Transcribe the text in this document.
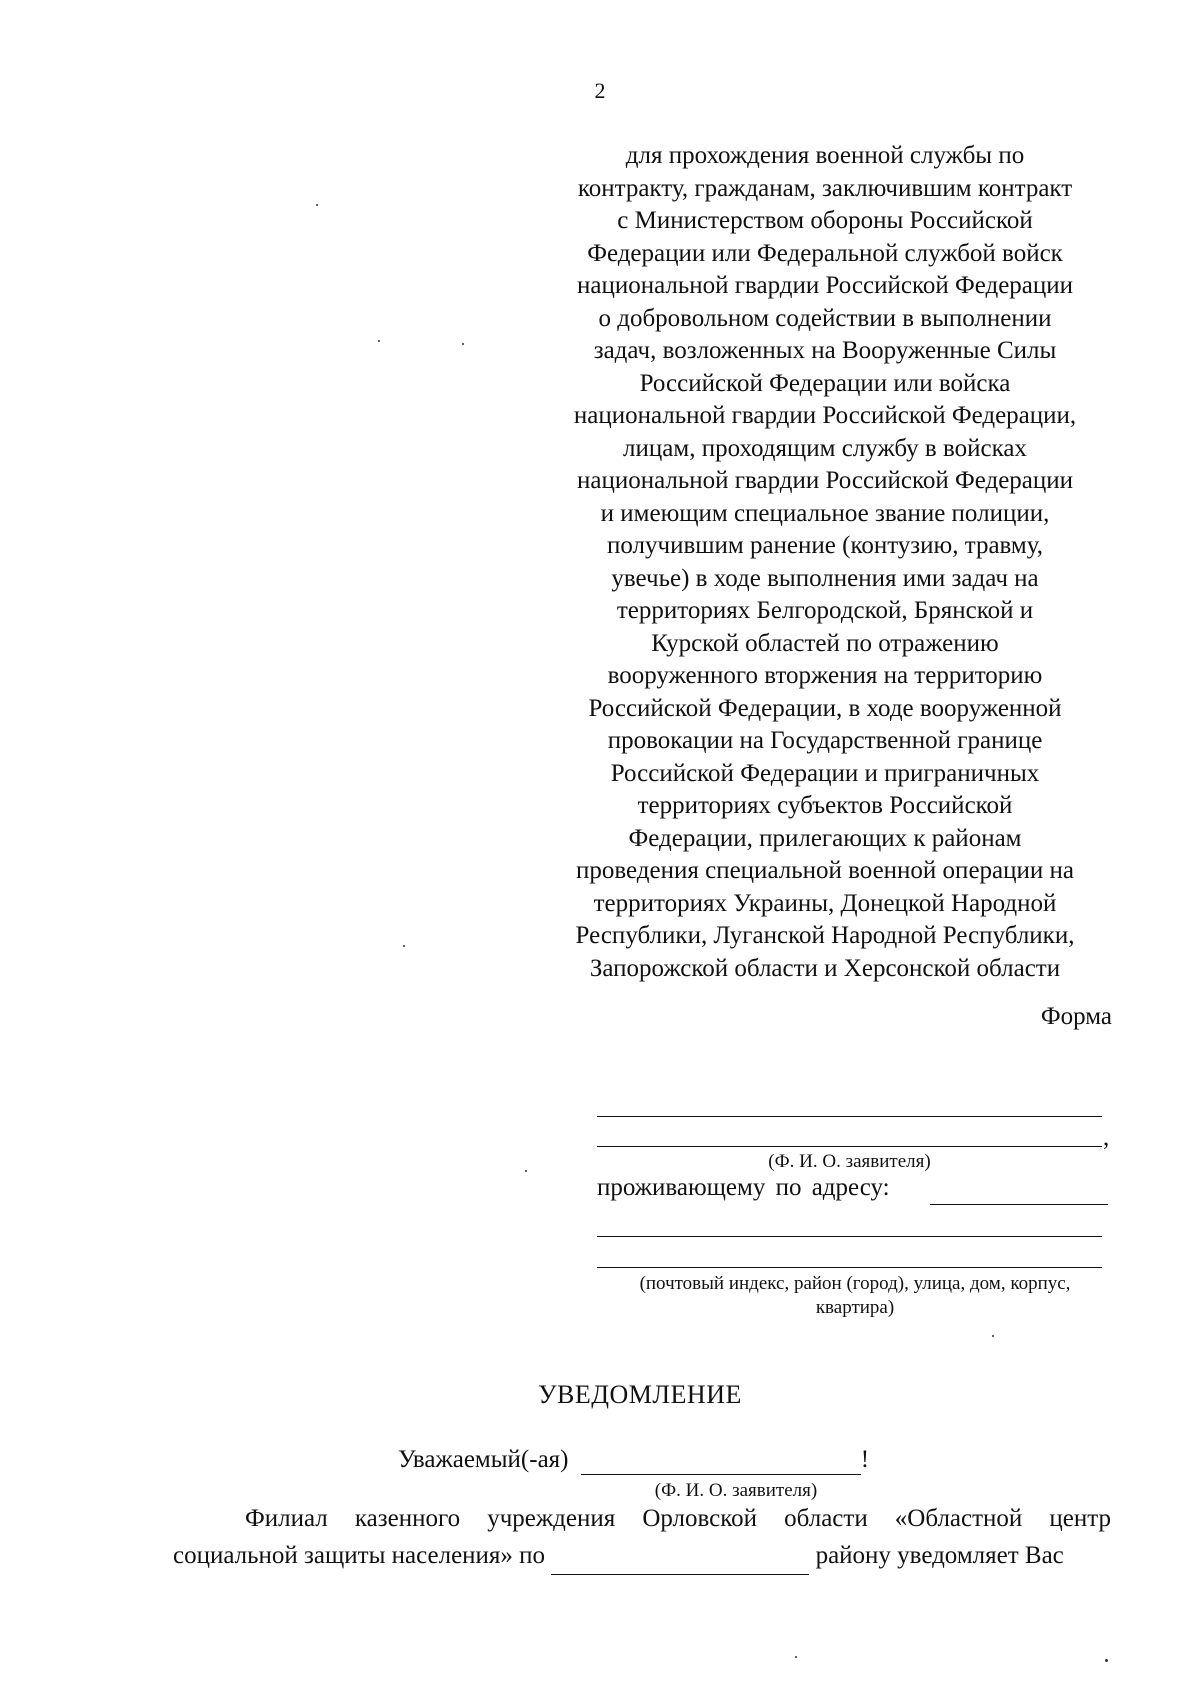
2
для прохождения военной службы по
контракту, гражданам, заключившим контракт
с Министерством обороны Российской
Федерации или Федеральной службой войск
национальной гвардии Российской Федерации
о добровольном содействии в выполнении
задач, возложенных на Вооруженные Силы
Российской Федерации или войска
национальной гвардии Российской Федерации,
лицам, проходящим службу в войсках
национальной гвардии Российской Федерации
и имеющим специальное звание полиции,
получившим ранение (контузию, травму,
увечье) в ходе выполнения ими задач на
территориях Белгородской, Брянской и
Курской областей по отражению
вооруженного вторжения на территорию
Российской Федерации, в ходе вооруженной
провокации на Государственной границе
Российской Федерации и приграничных
территориях субъектов Российской
Федерации, прилегающих к районам
проведения специальной военной операции на
территориях Украины, Донецкой Народной
Республики, Луганской Народной Республики,
Запорожской области и Херсонской области
Форма
,
(Ф. И. О. заявителя)
проживающему по адресу:
(почтовый индекс, район (город), улица, дом, корпус,
квартира)
УВЕДОМЛЕНИЕ
Уважаемый(-ая)	!
(Ф. И. О. заявителя)
Филиал казенного учреждения Орловской области «Областной центр
социальной защиты населения» по	району уведомляет Вас
